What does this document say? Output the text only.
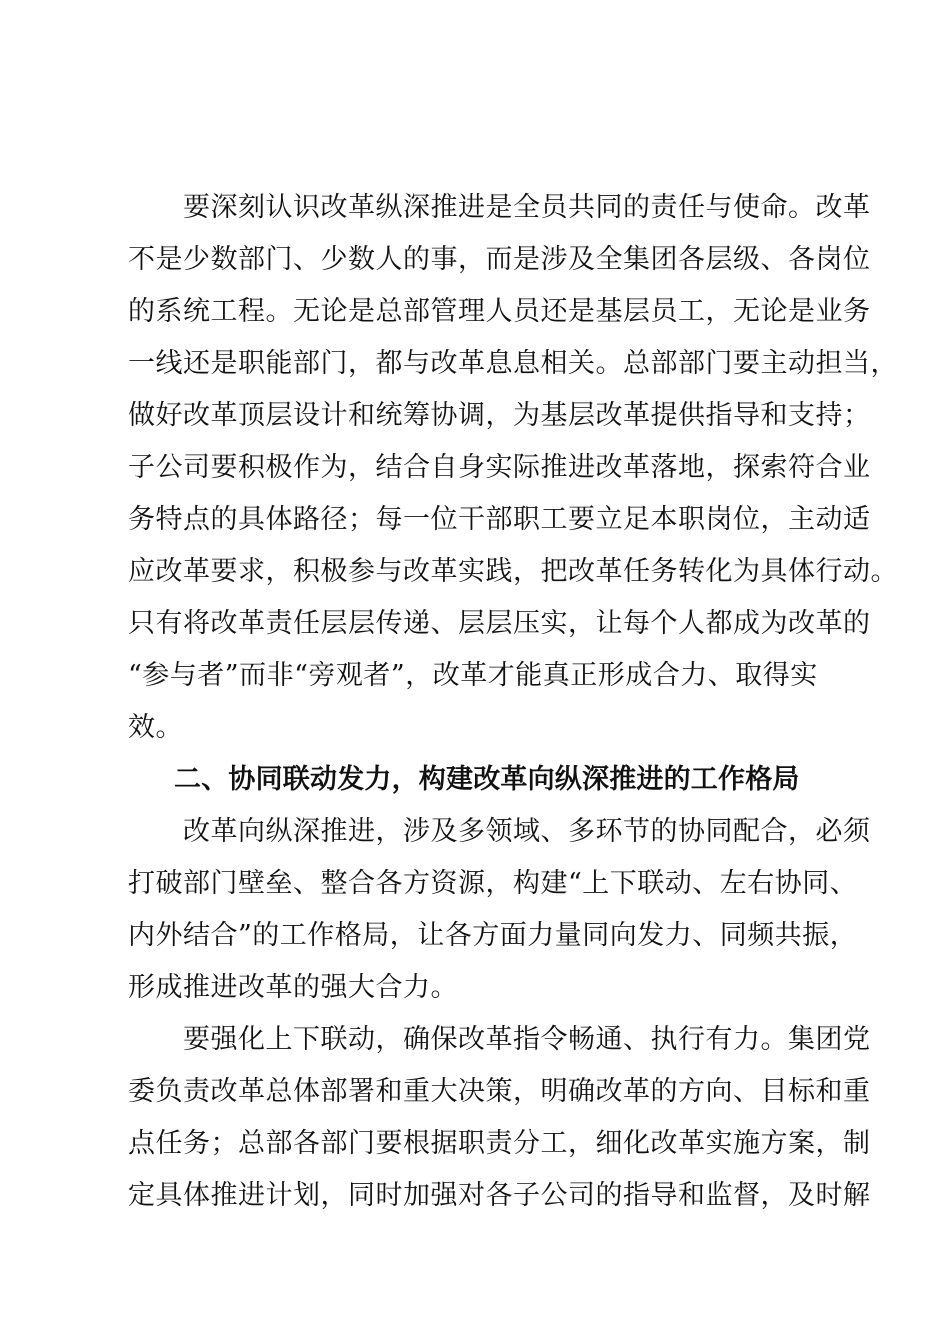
　　要深刻认识改革纵深推进是全员共同的责任与使命。改革
不是少数部门、少数人的事，而是涉及全集团各层级、各岗位
的系统工程。无论是总部管理人员还是基层员工，无论是业务
一线还是职能部门，都与改革息息相关。总部部门要主动担当，
做好改革顶层设计和统筹协调，为基层改革提供指导和支持；
子公司要积极作为，结合自身实际推进改革落地，探索符合业
务特点的具体路径；每一位干部职工要立足本职岗位，主动适
应改革要求，积极参与改革实践，把改革任务转化为具体行动。
只有将改革责任层层传递、层层压实，让每个人都成为改革的
“参与者”而非“旁观者”，改革才能真正形成合力、取得实
效。
二、协同联动发力，构建改革向纵深推进的工作格局
　　改革向纵深推进，涉及多领域、多环节的协同配合，必须
打破部门壁垒、整合各方资源，构建“上下联动、左右协同、
内外结合”的工作格局，让各方面力量同向发力、同频共振，
形成推进改革的强大合力。
　　要强化上下联动，确保改革指令畅通、执行有力。集团党
委负责改革总体部署和重大决策，明确改革的方向、目标和重
点任务；总部各部门要根据职责分工，细化改革实施方案，制
定具体推进计划，同时加强对各子公司的指导和监督，及时解
